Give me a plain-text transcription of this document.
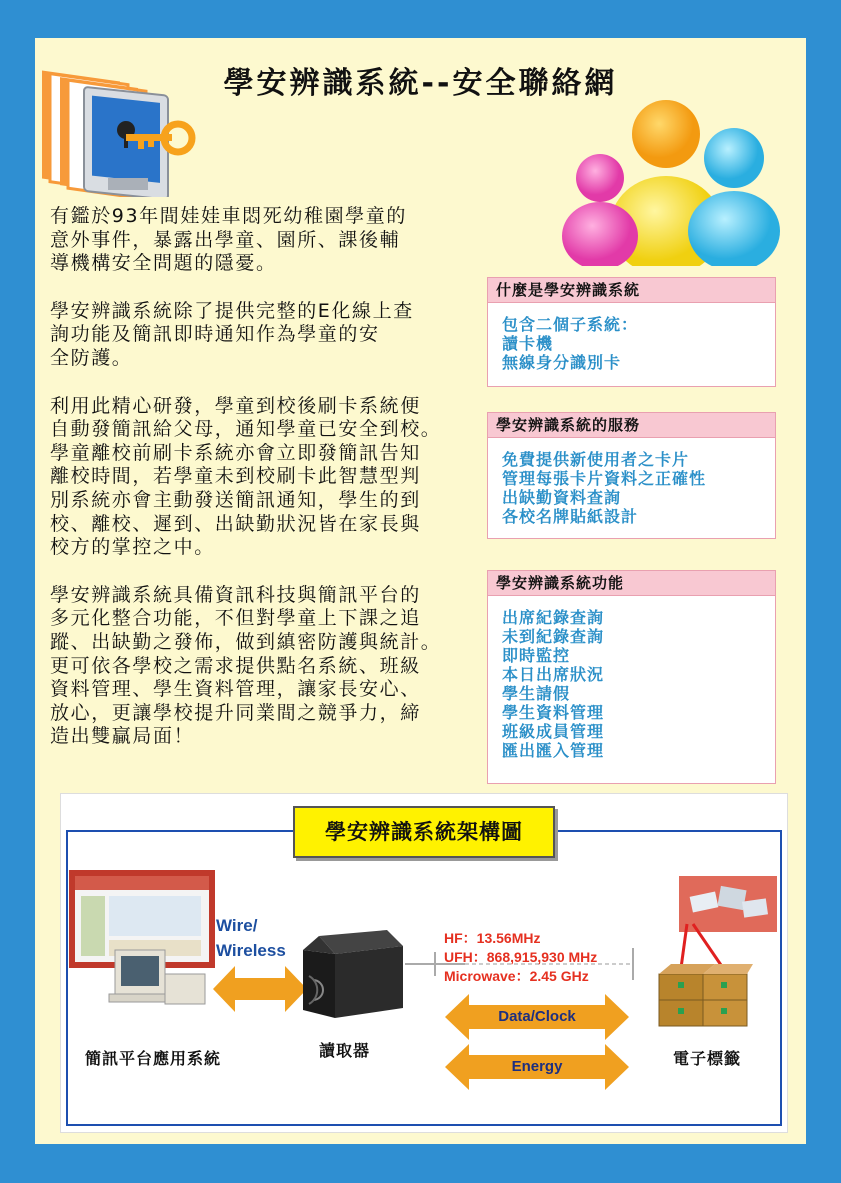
學安辨識系統--安全聯絡網

有鑑於93年間娃娃車悶死幼稚園學童的
意外事件，暴露出學童、園所、課後輔
導機構安全問題的隱憂。

學安辨識系統除了提供完整的E化線上查
詢功能及簡訊即時通知作為學童的安
全防護。

利用此精心研發，學童到校後刷卡系統便
自動發簡訊給父母，通知學童已安全到校。
學童離校前刷卡系統亦會立即發簡訊告知
離校時間，若學童未到校刷卡此智慧型判
別系統亦會主動發送簡訊通知，學生的到
校、離校、遲到、出缺勤狀況皆在家長與
校方的掌控之中。

學安辨識系統具備資訊科技與簡訊平台的
多元化整合功能，不但對學童上下課之追
蹤、出缺勤之發佈，做到縝密防護與統計。
更可依各學校之需求提供點名系統、班級
資料管理、學生資料管理，讓家長安心、
放心，更讓學校提升同業間之競爭力，締
造出雙贏局面！

什麼是學安辨識系統
包含二個子系統：
讀卡機
無線身分識別卡
學安辨識系統的服務
免費提供新使用者之卡片
管理每張卡片資料之正確性
出缺勤資料查詢
各校名牌貼紙設計
學安辨識系統功能
出席紀錄查詢
未到紀錄查詢
即時監控
本日出席狀況
學生請假
學生資料管理
班級成員管理
匯出匯入管理
學安辨識系統架構圖
Wire/
Wireless
HF：13.56MHz
UFH：868,915,930 MHz
Microwave：2.45 GHz
Data/Clock
Energy
簡訊平台應用系統	讀取器	電子標籤
